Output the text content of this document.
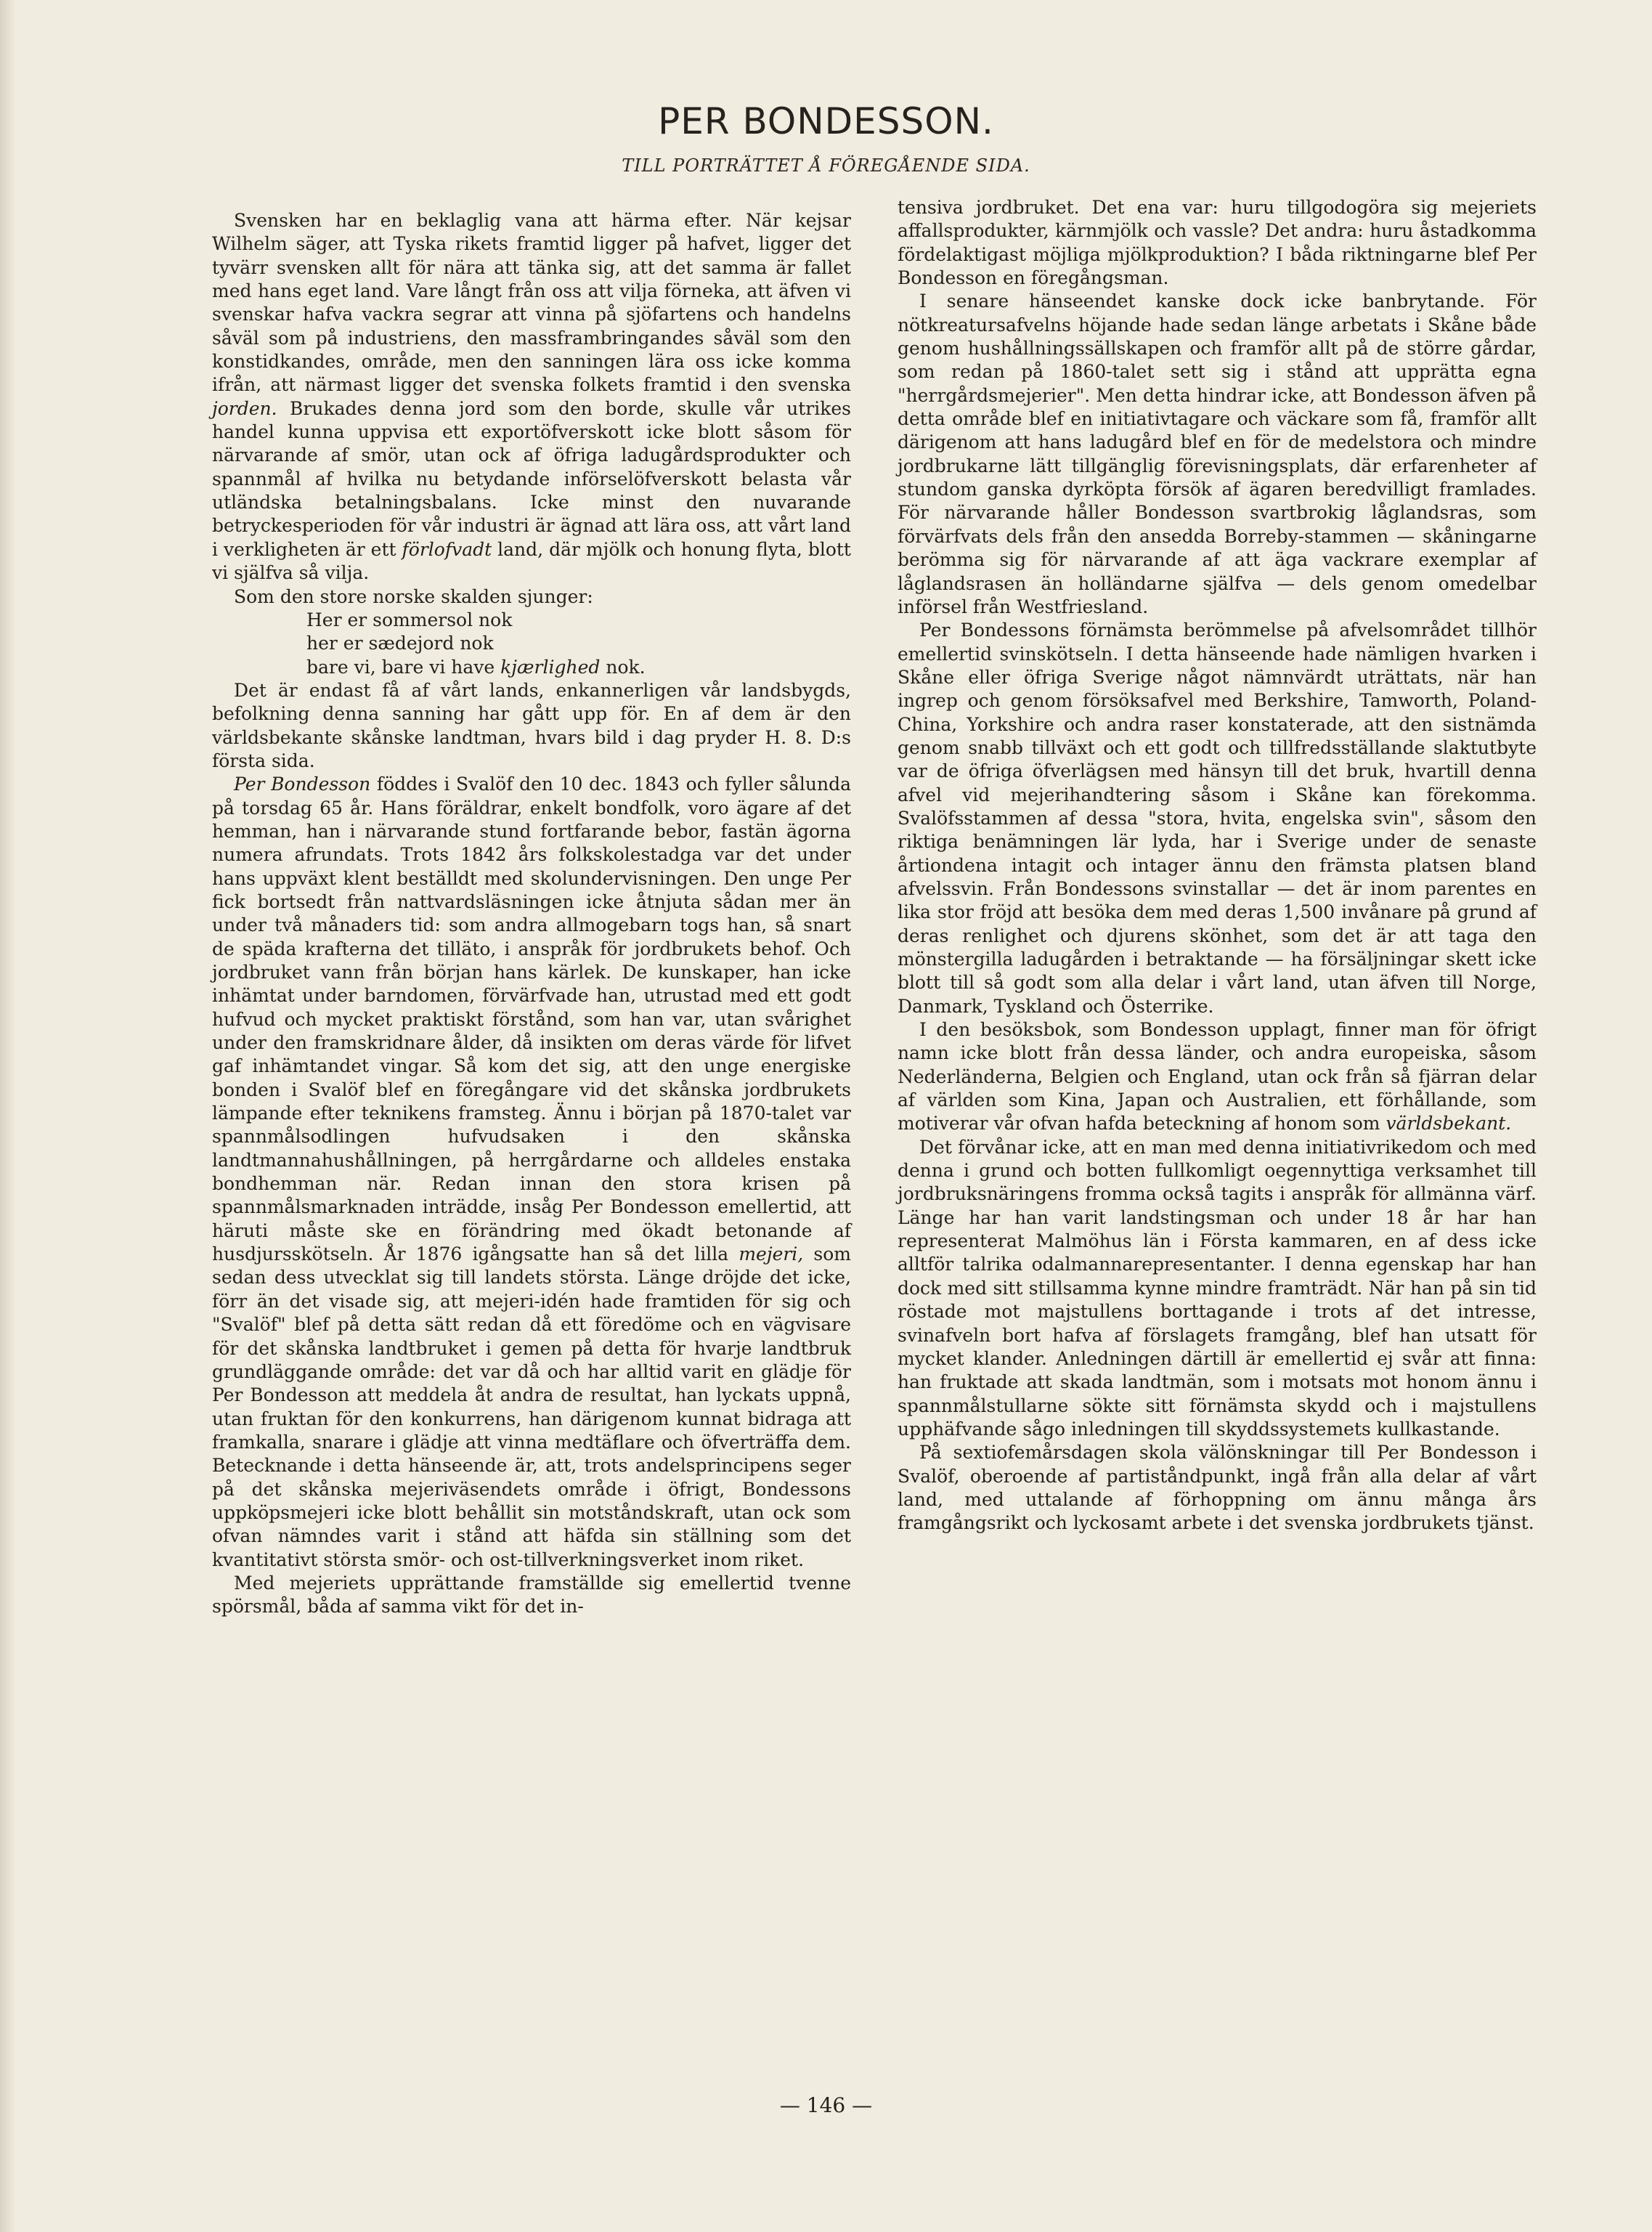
PER BONDESSON.
TILL PORTRÄTTET Å FÖREGÅENDE SIDA.

Svensken har en beklaglig vana att härma efter. När kejsar Wilhelm säger, att Tyska rikets framtid ligger på hafvet, ligger det tyvärr svensken allt för nära att tänka sig, att det samma är fallet med hans eget land. Vare långt från oss att vilja förneka, att äfven vi svenskar hafva vackra segrar att vinna på sjöfartens och handelns såväl som på industriens, den massframbringandes såväl som den konstidkandes, område, men den sanningen lära oss icke komma ifrån, att närmast ligger det svenska folkets framtid i den svenska jorden. Brukades denna jord som den borde, skulle vår utrikes handel kunna uppvisa ett exportöfverskott icke blott såsom för närvarande af smör, utan ock af öfriga ladugårdsprodukter och spannmål af hvilka nu betydande införselöfverskott belasta vår utländska betalningsbalans. Icke minst den nuvarande betryckesperioden för vår industri är ägnad att lära oss, att vårt land i verkligheten är ett förlofvadt land, där mjölk och honung flyta, blott vi själfva så vilja.

Som den store norske skalden sjunger:

Her er sommersol nok
her er sædejord nok
bare vi, bare vi have kjærlighed nok.

Det är endast få af vårt lands, enkannerligen vår landsbygds, befolkning denna sanning har gått upp för. En af dem är den världsbekante skånske landtman, hvars bild i dag pryder H. 8. D:s första sida.

Per Bondesson föddes i Svalöf den 10 dec. 1843 och fyller sålunda på torsdag 65 år. Hans föräldrar, enkelt bondfolk, voro ägare af det hemman, han i närvarande stund fortfarande bebor, fastän ägorna numera afrundats. Trots 1842 års folkskolestadga var det under hans uppväxt klent beställdt med skolundervisningen. Den unge Per fick bortsedt från nattvardsläsningen icke åtnjuta sådan mer än under två månaders tid: som andra allmogebarn togs han, så snart de späda krafterna det tilläto, i anspråk för jordbrukets behof. Och jordbruket vann från början hans kärlek. De kunskaper, han icke inhämtat under barndomen, förvärfvade han, utrustad med ett godt hufvud och mycket praktiskt förstånd, som han var, utan svårighet under den framskridnare ålder, då insikten om deras värde för lifvet gaf inhämtandet vingar. Så kom det sig, att den unge energiske bonden i Svalöf blef en föregångare vid det skånska jordbrukets lämpande efter teknikens framsteg. Ännu i början på 1870-talet var spannmålsodlingen hufvudsaken i den skånska landtmannahushållningen, på herrgårdarne och alldeles enstaka bondhemman när. Redan innan den stora krisen på spannmålsmarknaden inträdde, insåg Per Bondesson emellertid, att häruti måste ske en förändring med ökadt betonande af husdjursskötseln. År 1876 igångsatte han så det lilla mejeri, som sedan dess utvecklat sig till landets största. Länge dröjde det icke, förr än det visade sig, att mejeri-idén hade framtiden för sig och "Svalöf" blef på detta sätt redan då ett föredöme och en vägvisare för det skånska landtbruket i gemen på detta för hvarje landtbruk grundläggande område: det var då och har alltid varit en glädje för Per Bondesson att meddela åt andra de resultat, han lyckats uppnå, utan fruktan för den konkurrens, han därigenom kunnat bidraga att framkalla, snarare i glädje att vinna medtäflare och öfverträffa dem. Betecknande i detta hänseende är, att, trots andelsprincipens seger på det skånska mejeriväsendets område i öfrigt, Bondessons uppköpsmejeri icke blott behållit sin motståndskraft, utan ock som ofvan nämndes varit i stånd att häfda sin ställning som det kvantitativt största smör- och ost-tillverkningsverket inom riket.

Med mejeriets upprättande framställde sig emellertid tvenne spörsmål, båda af samma vikt för det in-

tensiva jordbruket. Det ena var: huru tillgodogöra sig mejeriets affallsprodukter, kärnmjölk och vassle? Det andra: huru åstadkomma fördelaktigast möjliga mjölkproduktion? I båda riktningarne blef Per Bondesson en föregångsman.

I senare hänseendet kanske dock icke banbrytande. För nötkreatursafvelns höjande hade sedan länge arbetats i Skåne både genom hushållningssällskapen och framför allt på de större gårdar, som redan på 1860-talet sett sig i stånd att upprätta egna "herrgårdsmejerier". Men detta hindrar icke, att Bondesson äfven på detta område blef en initiativtagare och väckare som få, framför allt därigenom att hans ladugård blef en för de medelstora och mindre jordbrukarne lätt tillgänglig förevisningsplats, där erfarenheter af stundom ganska dyrköpta försök af ägaren beredvilligt framlades. För närvarande håller Bondesson svartbrokig låglandsras, som förvärfvats dels från den ansedda Borreby-stammen — skåningarne berömma sig för närvarande af att äga vackrare exemplar af låglandsrasen än holländarne själfva — dels genom omedelbar införsel från Westfriesland.

Per Bondessons förnämsta berömmelse på afvelsområdet tillhör emellertid svinskötseln. I detta hänseende hade nämligen hvarken i Skåne eller öfriga Sverige något nämnvärdt uträttats, när han ingrep och genom försöksafvel med Berkshire, Tamworth, Poland-China, Yorkshire och andra raser konstaterade, att den sistnämda genom snabb tillväxt och ett godt och tillfredsställande slaktutbyte var de öfriga öfverlägsen med hänsyn till det bruk, hvartill denna afvel vid mejerihandtering såsom i Skåne kan förekomma. Svalöfsstammen af dessa "stora, hvita, engelska svin", såsom den riktiga benämningen lär lyda, har i Sverige under de senaste årtiondena intagit och intager ännu den främsta platsen bland afvelssvin. Från Bondessons svinstallar — det är inom parentes en lika stor fröjd att besöka dem med deras 1,500 invånare på grund af deras renlighet och djurens skönhet, som det är att taga den mönstergilla ladugården i betraktande — ha försäljningar skett icke blott till så godt som alla delar i vårt land, utan äfven till Norge, Danmark, Tyskland och Österrike.

I den besöksbok, som Bondesson upplagt, finner man för öfrigt namn icke blott från dessa länder, och andra europeiska, såsom Nederländerna, Belgien och England, utan ock från så fjärran delar af världen som Kina, Japan och Australien, ett förhållande, som motiverar vår ofvan hafda beteckning af honom som världsbekant.

Det förvånar icke, att en man med denna initiativrikedom och med denna i grund och botten fullkomligt oegennyttiga verksamhet till jordbruksnäringens fromma också tagits i anspråk för allmänna värf. Länge har han varit landstingsman och under 18 år har han representerat Malmöhus län i Första kammaren, en af dess icke alltför talrika odalmannarepresentanter. I denna egenskap har han dock med sitt stillsamma kynne mindre framträdt. När han på sin tid röstade mot majstullens borttagande i trots af det intresse, svinafveln bort hafva af förslagets framgång, blef han utsatt för mycket klander. Anledningen därtill är emellertid ej svår att finna: han fruktade att skada landtmän, som i motsats mot honom ännu i spannmålstullarne sökte sitt förnämsta skydd och i majstullens upphäfvande sågo inledningen till skyddssystemets kullkastande.

På sextiofemårsdagen skola välönskningar till Per Bondesson i Svalöf, oberoende af partiståndpunkt, ingå från alla delar af vårt land, med uttalande af förhoppning om ännu många års framgångsrikt och lyckosamt arbete i det svenska jordbrukets tjänst.

— 146 —
